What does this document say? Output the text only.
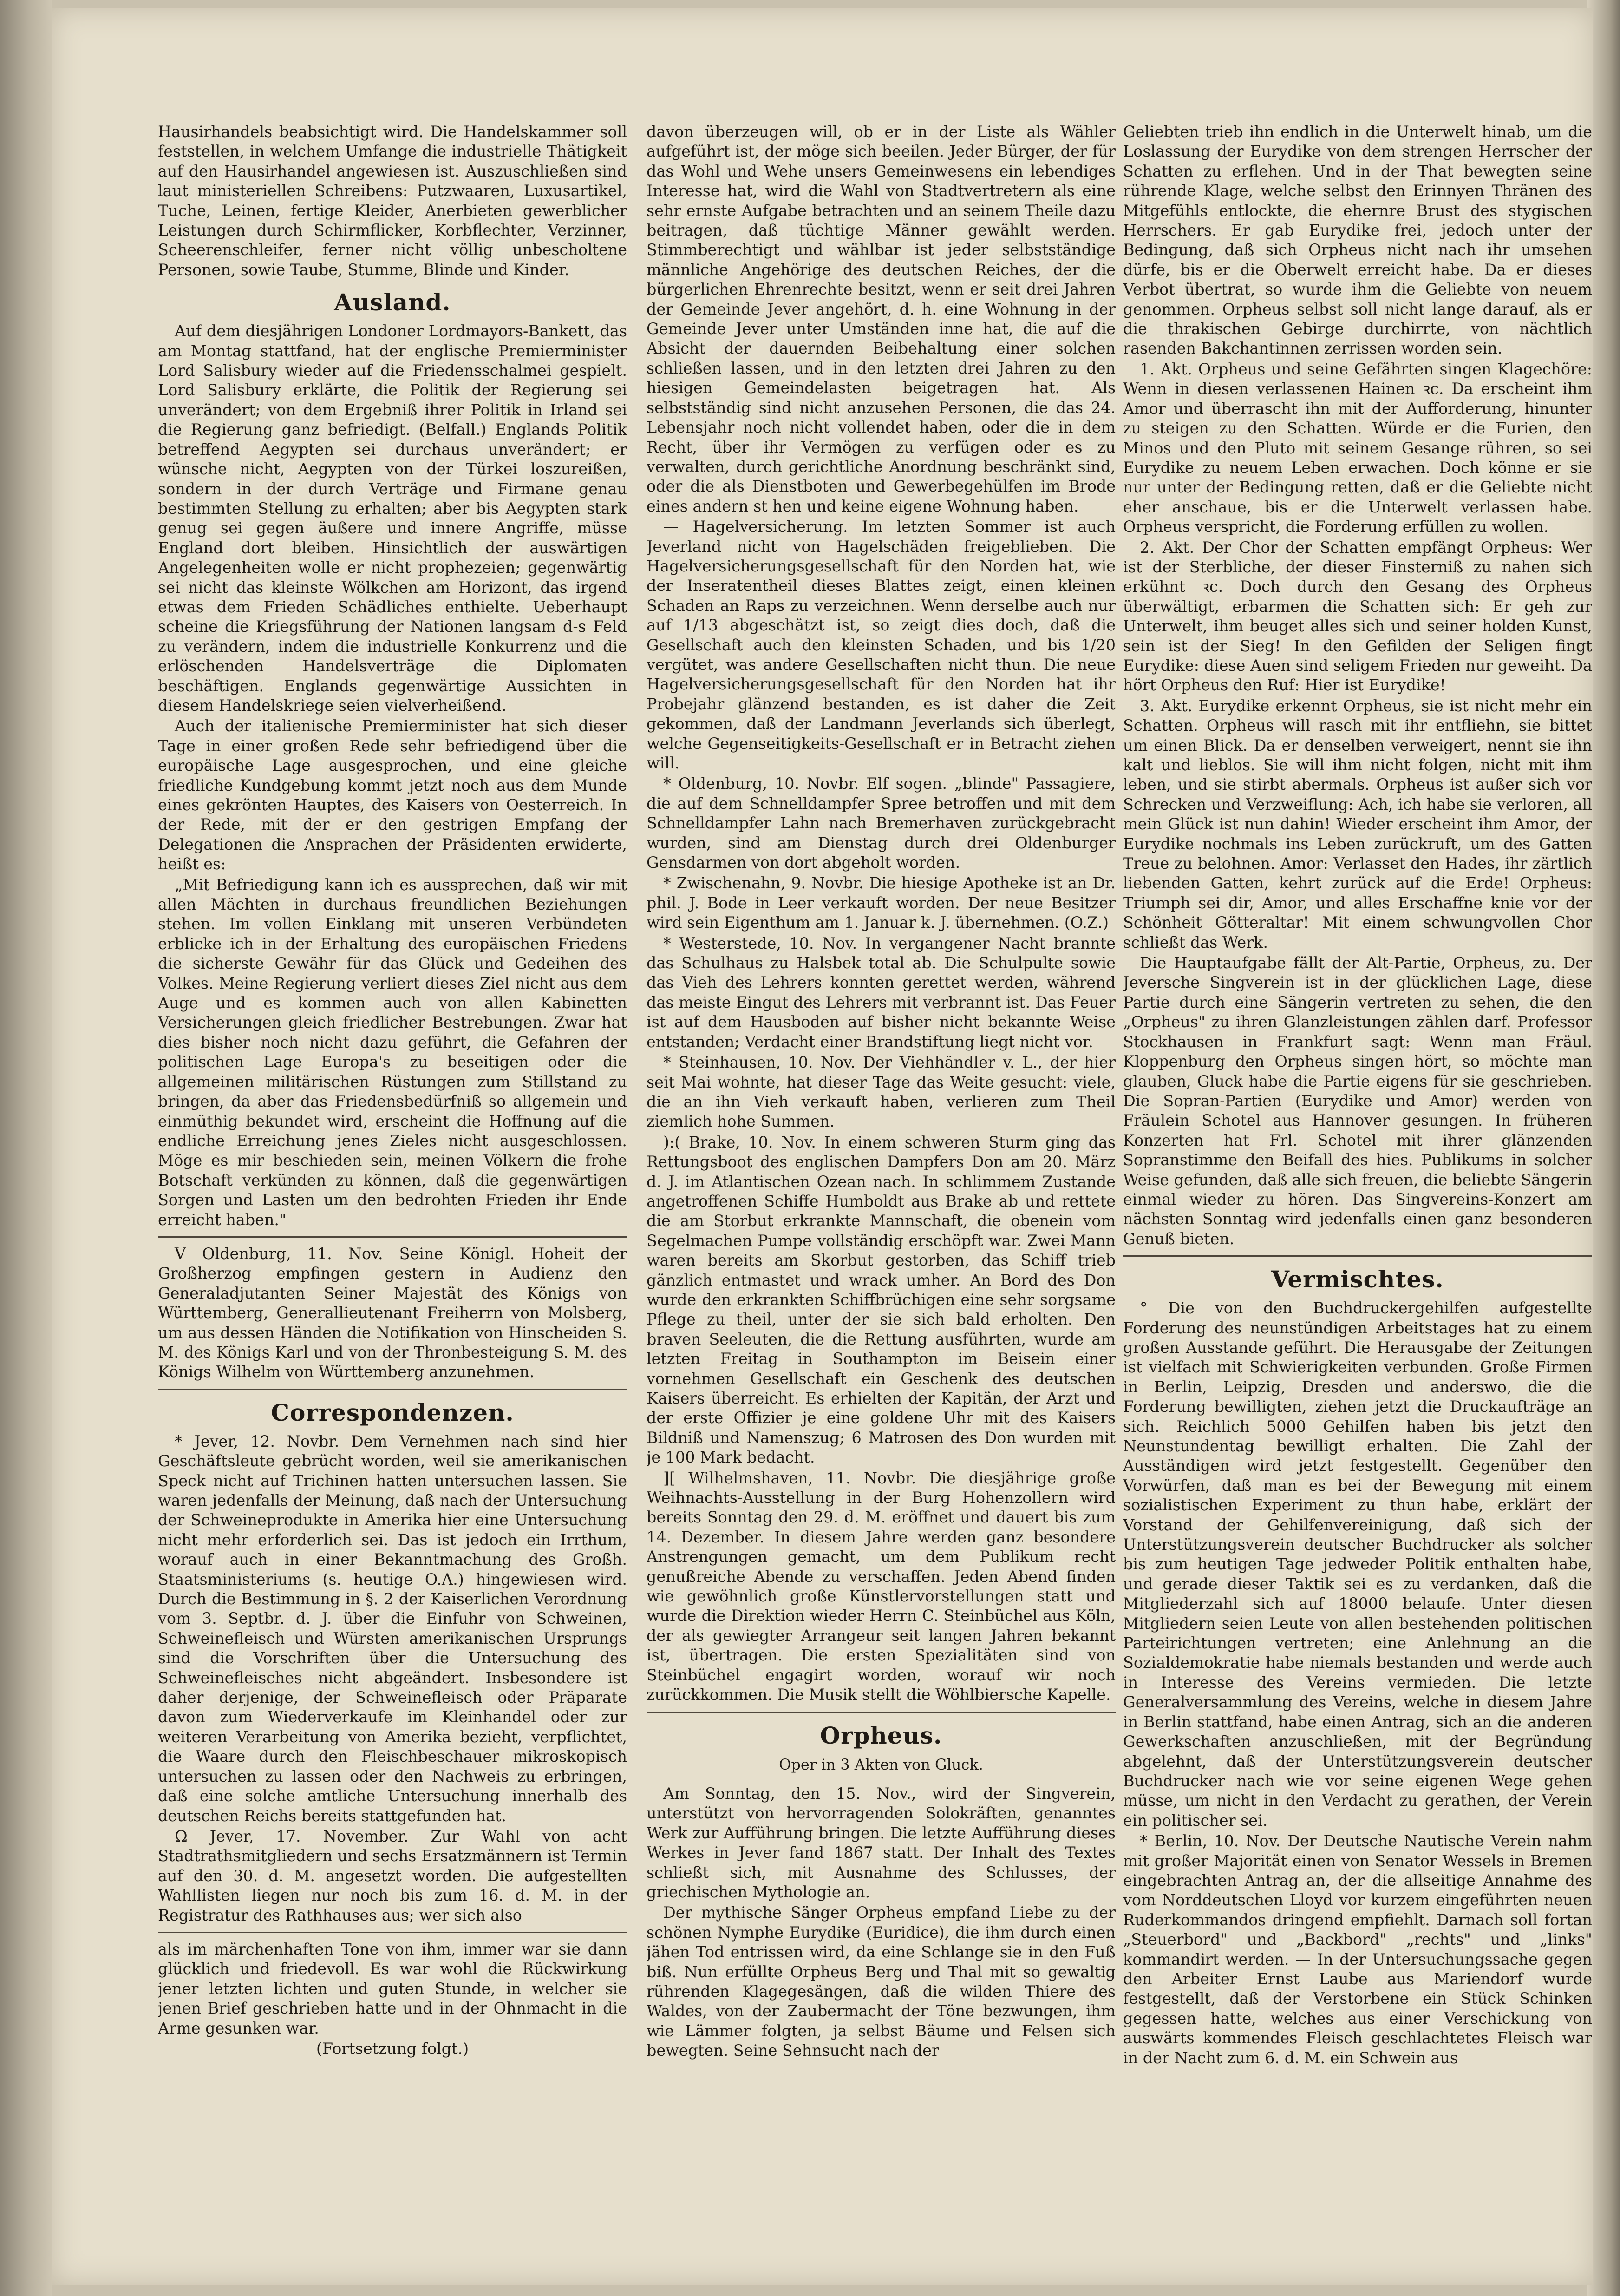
Hausirhandels beabsichtigt wird. Die Handelskammer soll feststellen, in welchem Umfange die industrielle Thätigkeit auf den Hausirhandel angewiesen ist. Auszuschließen sind laut ministeriellen Schreibens: Putzwaaren, Luxusartikel, Tuche, Leinen, fertige Kleider, Anerbieten gewerblicher Leistungen durch Schirmflicker, Korbflechter, Verzinner, Scheerenschleifer, ferner nicht völlig unbescholtene Personen, sowie Taube, Stumme, Blinde und Kinder.

Ausland.

Auf dem diesjährigen Londoner Lordmayors-Bankett, das am Montag stattfand, hat der englische Premierminister Lord Salisbury wieder auf die Friedensschalmei gespielt. Lord Salisbury erklärte, die Politik der Regierung sei unverändert; von dem Ergebniß ihrer Politik in Irland sei die Regierung ganz befriedigt. (Belfall.) Englands Politik betreffend Aegypten sei durchaus unverändert; er wünsche nicht, Aegypten von der Türkei loszureißen, sondern in der durch Verträge und Firmane genau bestimmten Stellung zu erhalten; aber bis Aegypten stark genug sei gegen äußere und innere Angriffe, müsse England dort bleiben. Hinsichtlich der auswärtigen Angelegenheiten wolle er nicht prophezeien; gegenwärtig sei nicht das kleinste Wölkchen am Horizont, das irgend etwas dem Frieden Schädliches enthielte. Ueberhaupt scheine die Kriegsführung der Nationen langsam d-s Feld zu verändern, indem die industrielle Konkurrenz und die erlöschenden Handelsverträge die Diplomaten beschäftigen. Englands gegenwärtige Aussichten in diesem Handelskriege seien vielverheißend.

Auch der italienische Premierminister hat sich dieser Tage in einer großen Rede sehr befriedigend über die europäische Lage ausgesprochen, und eine gleiche friedliche Kundgebung kommt jetzt noch aus dem Munde eines gekrönten Hauptes, des Kaisers von Oesterreich. In der Rede, mit der er den gestrigen Empfang der Delegationen die Ansprachen der Präsidenten erwiderte, heißt es:

„Mit Befriedigung kann ich es aussprechen, daß wir mit allen Mächten in durchaus freundlichen Beziehungen stehen. Im vollen Einklang mit unseren Verbündeten erblicke ich in der Erhaltung des europäischen Friedens die sicherste Gewähr für das Glück und Gedeihen des Volkes. Meine Regierung verliert dieses Ziel nicht aus dem Auge und es kommen auch von allen Kabinetten Versicherungen gleich friedlicher Bestrebungen. Zwar hat dies bisher noch nicht dazu geführt, die Gefahren der politischen Lage Europa's zu beseitigen oder die allgemeinen militärischen Rüstungen zum Stillstand zu bringen, da aber das Friedensbedürfniß so allgemein und einmüthig bekundet wird, erscheint die Hoffnung auf die endliche Erreichung jenes Zieles nicht ausgeschlossen. Möge es mir beschieden sein, meinen Völkern die frohe Botschaft verkünden zu können, daß die gegenwärtigen Sorgen und Lasten um den bedrohten Frieden ihr Ende erreicht haben."

V Oldenburg, 11. Nov. Seine Königl. Hoheit der Großherzog empfingen gestern in Audienz den Generaladjutanten Seiner Majestät des Königs von Württemberg, Generallieutenant Freiherrn von Molsberg, um aus dessen Händen die Notifikation von Hinscheiden S. M. des Königs Karl und von der Thronbesteigung S. M. des Königs Wilhelm von Württemberg anzunehmen.

Correspondenzen.

* Jever, 12. Novbr. Dem Vernehmen nach sind hier Geschäftsleute gebrücht worden, weil sie amerikanischen Speck nicht auf Trichinen hatten untersuchen lassen. Sie waren jedenfalls der Meinung, daß nach der Untersuchung der Schweineprodukte in Amerika hier eine Untersuchung nicht mehr erforderlich sei. Das ist jedoch ein Irrthum, worauf auch in einer Bekanntmachung des Großh. Staatsministeriums (s. heutige O.A.) hingewiesen wird. Durch die Bestimmung in §. 2 der Kaiserlichen Verordnung vom 3. Septbr. d. J. über die Einfuhr von Schweinen, Schweinefleisch und Würsten amerikanischen Ursprungs sind die Vorschriften über die Untersuchung des Schweinefleisches nicht abgeändert. Insbesondere ist daher derjenige, der Schweinefleisch oder Präparate davon zum Wiederverkaufe im Kleinhandel oder zur weiteren Verarbeitung von Amerika bezieht, verpflichtet, die Waare durch den Fleischbeschauer mikroskopisch untersuchen zu lassen oder den Nachweis zu erbringen, daß eine solche amtliche Untersuchung innerhalb des deutschen Reichs bereits stattgefunden hat.

Ω Jever, 17. November. Zur Wahl von acht Stadtrathsmitgliedern und sechs Ersatzmännern ist Termin auf den 30. d. M. angesetzt worden. Die aufgestellten Wahllisten liegen nur noch bis zum 16. d. M. in der Registratur des Rathhauses aus; wer sich also

als im märchenhaften Tone von ihm, immer war sie dann glücklich und friedevoll. Es war wohl die Rückwirkung jener letzten lichten und guten Stunde, in welcher sie jenen Brief geschrieben hatte und in der Ohnmacht in die Arme gesunken war.

(Fortsetzung folgt.)

davon überzeugen will, ob er in der Liste als Wähler aufgeführt ist, der möge sich beeilen. Jeder Bürger, der für das Wohl und Wehe unsers Gemeinwesens ein lebendiges Interesse hat, wird die Wahl von Stadtvertretern als eine sehr ernste Aufgabe betrachten und an seinem Theile dazu beitragen, daß tüchtige Männer gewählt werden. Stimmberechtigt und wählbar ist jeder selbstständige männliche Angehörige des deutschen Reiches, der die bürgerlichen Ehrenrechte besitzt, wenn er seit drei Jahren der Gemeinde Jever angehört, d. h. eine Wohnung in der Gemeinde Jever unter Umständen inne hat, die auf die Absicht der dauernden Beibehaltung einer solchen schließen lassen, und in den letzten drei Jahren zu den hiesigen Gemeindelasten beigetragen hat. Als selbstständig sind nicht anzusehen Personen, die das 24. Lebensjahr noch nicht vollendet haben, oder die in dem Recht, über ihr Vermögen zu verfügen oder es zu verwalten, durch gerichtliche Anordnung beschränkt sind, oder die als Dienstboten und Gewerbegehülfen im Brode eines andern st hen und keine eigene Wohnung haben.

— Hagelversicherung. Im letzten Sommer ist auch Jeverland nicht von Hagelschäden freigeblieben. Die Hagelversicherungsgesellschaft für den Norden hat, wie der Inseratentheil dieses Blattes zeigt, einen kleinen Schaden an Raps zu verzeichnen. Wenn derselbe auch nur auf 1/13 abgeschätzt ist, so zeigt dies doch, daß die Gesellschaft auch den kleinsten Schaden, und bis 1/20 vergütet, was andere Gesellschaften nicht thun. Die neue Hagelversicherungsgesellschaft für den Norden hat ihr Probejahr glänzend bestanden, es ist daher die Zeit gekommen, daß der Landmann Jeverlands sich überlegt, welche Gegenseitigkeits-Gesellschaft er in Betracht ziehen will.

* Oldenburg, 10. Novbr. Elf sogen. „blinde" Passagiere, die auf dem Schnelldampfer Spree betroffen und mit dem Schnelldampfer Lahn nach Bremerhaven zurückgebracht wurden, sind am Dienstag durch drei Oldenburger Gensdarmen von dort abgeholt worden.

* Zwischenahn, 9. Novbr. Die hiesige Apotheke ist an Dr. phil. J. Bode in Leer verkauft worden. Der neue Besitzer wird sein Eigenthum am 1. Januar k. J. übernehmen. (O.Z.)

* Westerstede, 10. Nov. In vergangener Nacht brannte das Schulhaus zu Halsbek total ab. Die Schulpulte sowie das Vieh des Lehrers konnten gerettet werden, während das meiste Eingut des Lehrers mit verbrannt ist. Das Feuer ist auf dem Hausboden auf bisher nicht bekannte Weise entstanden; Verdacht einer Brandstiftung liegt nicht vor.

* Steinhausen, 10. Nov. Der Viehhändler v. L., der hier seit Mai wohnte, hat dieser Tage das Weite gesucht: viele, die an ihn Vieh verkauft haben, verlieren zum Theil ziemlich hohe Summen.

):( Brake, 10. Nov. In einem schweren Sturm ging das Rettungsboot des englischen Dampfers Don am 20. März d. J. im Atlantischen Ozean nach. In schlimmem Zustande angetroffenen Schiffe Humboldt aus Brake ab und rettete die am Storbut erkrankte Mannschaft, die obenein vom Segelmachen Pumpe vollständig erschöpft war. Zwei Mann waren bereits am Skorbut gestorben, das Schiff trieb gänzlich entmastet und wrack umher. An Bord des Don wurde den erkrankten Schiffbrüchigen eine sehr sorgsame Pflege zu theil, unter der sie sich bald erholten. Den braven Seeleuten, die die Rettung ausführten, wurde am letzten Freitag in Southampton im Beisein einer vornehmen Gesellschaft ein Geschenk des deutschen Kaisers überreicht. Es erhielten der Kapitän, der Arzt und der erste Offizier je eine goldene Uhr mit des Kaisers Bildniß und Namenszug; 6 Matrosen des Don wurden mit je 100 Mark bedacht.

][ Wilhelmshaven, 11. Novbr. Die diesjährige große Weihnachts-Ausstellung in der Burg Hohenzollern wird bereits Sonntag den 29. d. M. eröffnet und dauert bis zum 14. Dezember. In diesem Jahre werden ganz besondere Anstrengungen gemacht, um dem Publikum recht genußreiche Abende zu verschaffen. Jeden Abend finden wie gewöhnlich große Künstlervorstellungen statt und wurde die Direktion wieder Herrn C. Steinbüchel aus Köln, der als gewiegter Arrangeur seit langen Jahren bekannt ist, übertragen. Die ersten Spezialitäten sind von Steinbüchel engagirt worden, worauf wir noch zurückkommen. Die Musik stellt die Wöhlbiersche Kapelle.

Orpheus.
Oper in 3 Akten von Gluck.

Am Sonntag, den 15. Nov., wird der Singverein, unterstützt von hervorragenden Solokräften, genanntes Werk zur Aufführung bringen. Die letzte Aufführung dieses Werkes in Jever fand 1867 statt. Der Inhalt des Textes schließt sich, mit Ausnahme des Schlusses, der griechischen Mythologie an.

Der mythische Sänger Orpheus empfand Liebe zu der schönen Nymphe Eurydike (Euridice), die ihm durch einen jähen Tod entrissen wird, da eine Schlange sie in den Fuß biß. Nun erfüllte Orpheus Berg und Thal mit so gewaltig rührenden Klagegesängen, daß die wilden Thiere des Waldes, von der Zaubermacht der Töne bezwungen, ihm wie Lämmer folgten, ja selbst Bäume und Felsen sich bewegten. Seine Sehnsucht nach der

Geliebten trieb ihn endlich in die Unterwelt hinab, um die Loslassung der Eurydike von dem strengen Herrscher der Schatten zu erflehen. Und in der That bewegten seine rührende Klage, welche selbst den Erinnyen Thränen des Mitgefühls entlockte, die ehernre Brust des stygischen Herrschers. Er gab Eurydike frei, jedoch unter der Bedingung, daß sich Orpheus nicht nach ihr umsehen dürfe, bis er die Oberwelt erreicht habe. Da er dieses Verbot übertrat, so wurde ihm die Geliebte von neuem genommen. Orpheus selbst soll nicht lange darauf, als er die thrakischen Gebirge durchirrte, von nächtlich rasenden Bakchantinnen zerrissen worden sein.

1. Akt. Orpheus und seine Gefährten singen Klagechöre: Wenn in diesen verlassenen Hainen ꝛc. Da erscheint ihm Amor und überrascht ihn mit der Aufforderung, hinunter zu steigen zu den Schatten. Würde er die Furien, den Minos und den Pluto mit seinem Gesange rühren, so sei Eurydike zu neuem Leben erwachen. Doch könne er sie nur unter der Bedingung retten, daß er die Geliebte nicht eher anschaue, bis er die Unterwelt verlassen habe. Orpheus verspricht, die Forderung erfüllen zu wollen.

2. Akt. Der Chor der Schatten empfängt Orpheus: Wer ist der Sterbliche, der dieser Finsterniß zu nahen sich erkühnt ꝛc. Doch durch den Gesang des Orpheus überwältigt, erbarmen die Schatten sich: Er geh zur Unterwelt, ihm beuget alles sich und seiner holden Kunst, sein ist der Sieg! In den Gefilden der Seligen fingt Eurydike: diese Auen sind seligem Frieden nur geweiht. Da hört Orpheus den Ruf: Hier ist Eurydike!

3. Akt. Eurydike erkennt Orpheus, sie ist nicht mehr ein Schatten. Orpheus will rasch mit ihr entfliehn, sie bittet um einen Blick. Da er denselben verweigert, nennt sie ihn kalt und lieblos. Sie will ihm nicht folgen, nicht mit ihm leben, und sie stirbt abermals. Orpheus ist außer sich vor Schrecken und Verzweiflung: Ach, ich habe sie verloren, all mein Glück ist nun dahin! Wieder erscheint ihm Amor, der Eurydike nochmals ins Leben zurückruft, um des Gatten Treue zu belohnen. Amor: Verlasset den Hades, ihr zärtlich liebenden Gatten, kehrt zurück auf die Erde! Orpheus: Triumph sei dir, Amor, und alles Erschaffne knie vor der Schönheit Götteraltar! Mit einem schwungvollen Chor schließt das Werk.

Die Hauptaufgabe fällt der Alt-Partie, Orpheus, zu. Der Jeversche Singverein ist in der glücklichen Lage, diese Partie durch eine Sängerin vertreten zu sehen, die den „Orpheus" zu ihren Glanzleistungen zählen darf. Professor Stockhausen in Frankfurt sagt: Wenn man Fräul. Kloppenburg den Orpheus singen hört, so möchte man glauben, Gluck habe die Partie eigens für sie geschrieben. Die Sopran-Partien (Eurydike und Amor) werden von Fräulein Schotel aus Hannover gesungen. In früheren Konzerten hat Frl. Schotel mit ihrer glänzenden Sopranstimme den Beifall des hies. Publikums in solcher Weise gefunden, daß alle sich freuen, die beliebte Sängerin einmal wieder zu hören. Das Singvereins-Konzert am nächsten Sonntag wird jedenfalls einen ganz besonderen Genuß bieten.

Vermischtes.

° Die von den Buchdruckergehilfen aufgestellte Forderung des neunstündigen Arbeitstages hat zu einem großen Ausstande geführt. Die Herausgabe der Zeitungen ist vielfach mit Schwierigkeiten verbunden. Große Firmen in Berlin, Leipzig, Dresden und anderswo, die die Forderung bewilligten, ziehen jetzt die Druckaufträge an sich. Reichlich 5000 Gehilfen haben bis jetzt den Neunstundentag bewilligt erhalten. Die Zahl der Ausständigen wird jetzt festgestellt. Gegenüber den Vorwürfen, daß man es bei der Bewegung mit einem sozialistischen Experiment zu thun habe, erklärt der Vorstand der Gehilfenvereinigung, daß sich der Unterstützungsverein deutscher Buchdrucker als solcher bis zum heutigen Tage jedweder Politik enthalten habe, und gerade dieser Taktik sei es zu verdanken, daß die Mitgliederzahl sich auf 18000 belaufe. Unter diesen Mitgliedern seien Leute von allen bestehenden politischen Parteirichtungen vertreten; eine Anlehnung an die Sozialdemokratie habe niemals bestanden und werde auch in Interesse des Vereins vermieden. Die letzte Generalversammlung des Vereins, welche in diesem Jahre in Berlin stattfand, habe einen Antrag, sich an die anderen Gewerkschaften anzuschließen, mit der Begründung abgelehnt, daß der Unterstützungsverein deutscher Buchdrucker nach wie vor seine eigenen Wege gehen müsse, um nicht in den Verdacht zu gerathen, der Verein ein politischer sei.

* Berlin, 10. Nov. Der Deutsche Nautische Verein nahm mit großer Majorität einen von Senator Wessels in Bremen eingebrachten Antrag an, der die allseitige Annahme des vom Norddeutschen Lloyd vor kurzem eingeführten neuen Ruderkommandos dringend empfiehlt. Darnach soll fortan „Steuerbord" und „Backbord" „rechts" und „links" kommandirt werden. — In der Untersuchungssache gegen den Arbeiter Ernst Laube aus Mariendorf wurde festgestellt, daß der Verstorbene ein Stück Schinken gegessen hatte, welches aus einer Verschickung von auswärts kommendes Fleisch geschlachtetes Fleisch war in der Nacht zum 6. d. M. ein Schwein aus
